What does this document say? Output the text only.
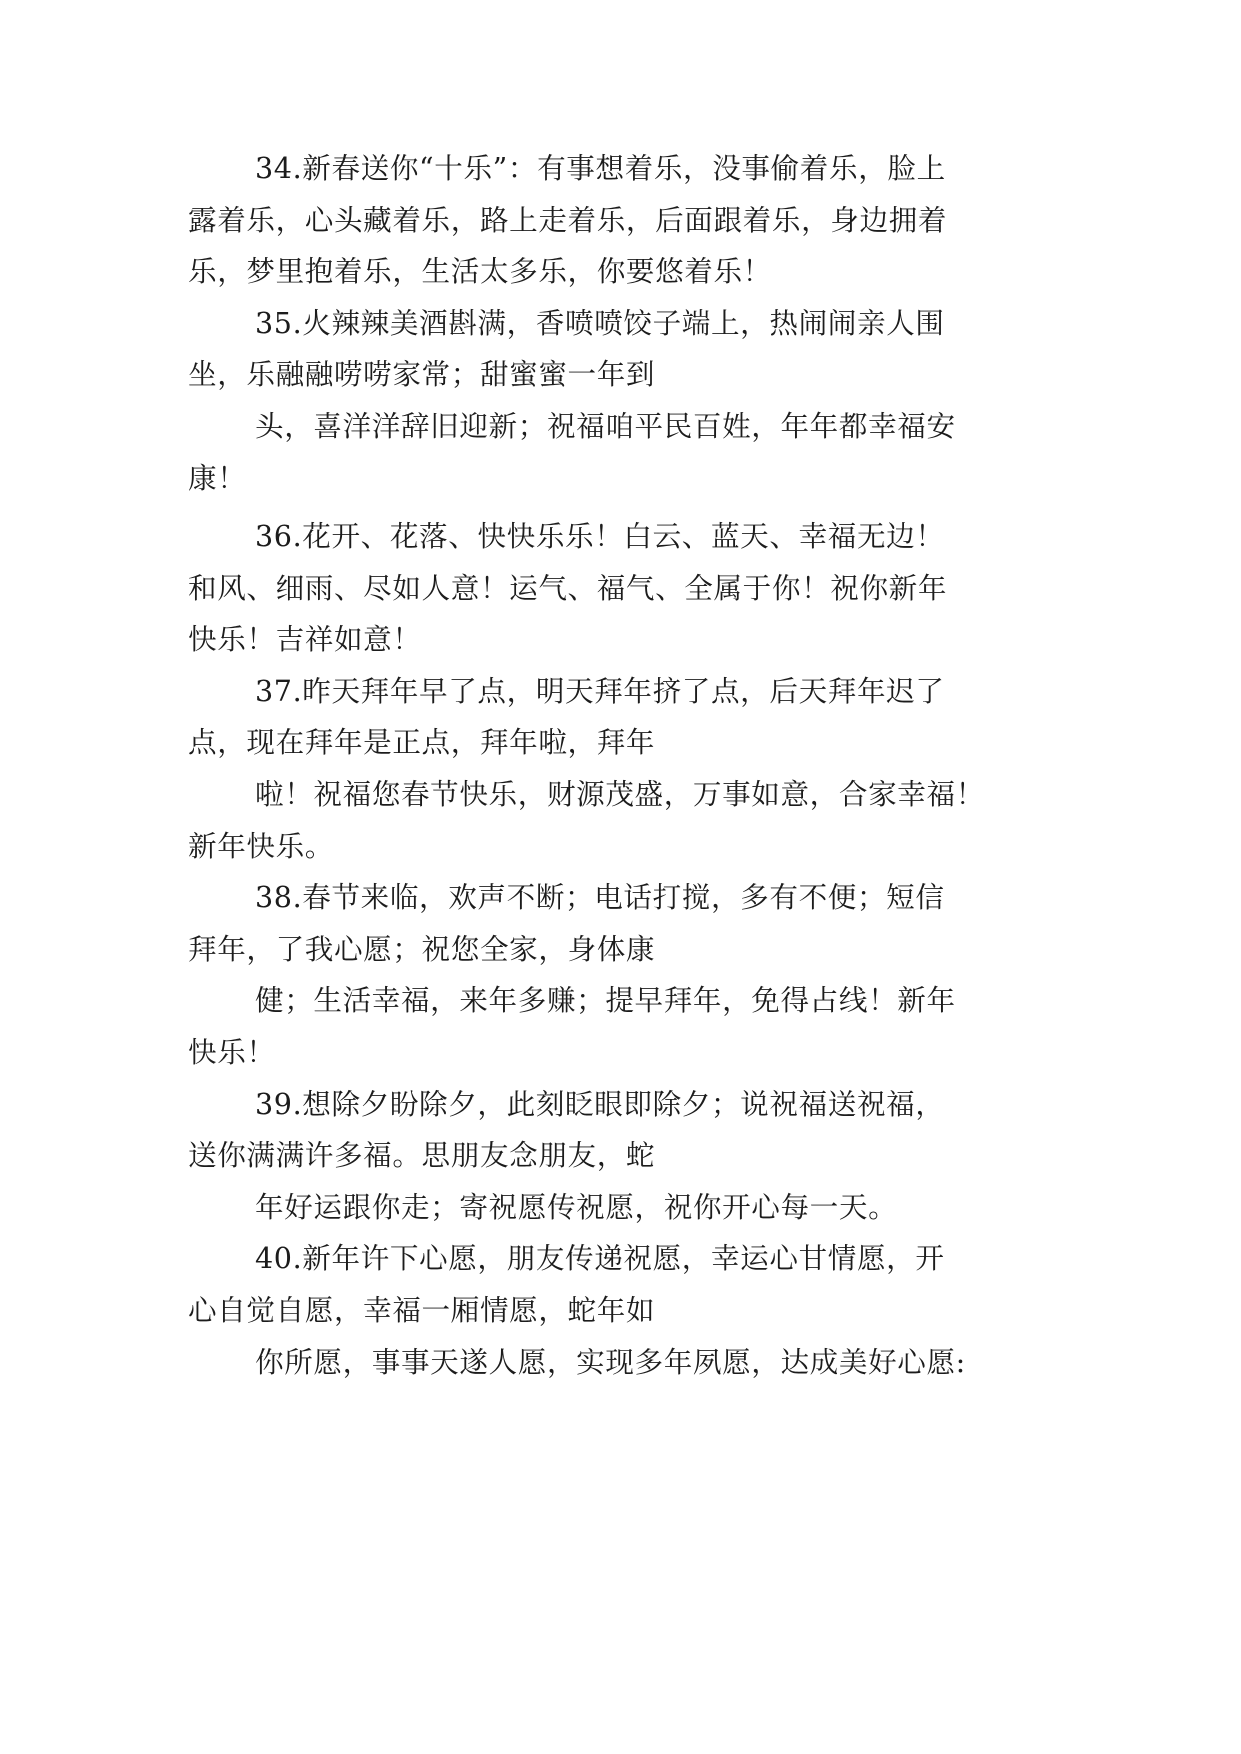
34.新春送你“十乐”：有事想着乐，没事偷着乐，脸上
露着乐，心头藏着乐，路上走着乐，后面跟着乐，身边拥着
乐，梦里抱着乐，生活太多乐，你要悠着乐！
35.火辣辣美酒斟满，香喷喷饺子端上，热闹闹亲人围
坐，乐融融唠唠家常；甜蜜蜜一年到
头，喜洋洋辞旧迎新；祝福咱平民百姓，年年都幸福安
康！
36.花开、花落、快快乐乐！白云、蓝天、幸福无边！
和风、细雨、尽如人意！运气、福气、全属于你！祝你新年
快乐！吉祥如意！
37.昨天拜年早了点，明天拜年挤了点，后天拜年迟了
点，现在拜年是正点，拜年啦，拜年
啦！祝福您春节快乐，财源茂盛，万事如意，合家幸福！
新年快乐。
38.春节来临，欢声不断；电话打搅，多有不便；短信
拜年，了我心愿；祝您全家，身体康
健；生活幸福，来年多赚；提早拜年，免得占线！新年
快乐！
39.想除夕盼除夕，此刻眨眼即除夕；说祝福送祝福，
送你满满许多福。思朋友念朋友，蛇
年好运跟你走；寄祝愿传祝愿，祝你开心每一天。
40.新年许下心愿，朋友传递祝愿，幸运心甘情愿，开
心自觉自愿，幸福一厢情愿，蛇年如
你所愿，事事天遂人愿，实现多年夙愿，达成美好心愿:
